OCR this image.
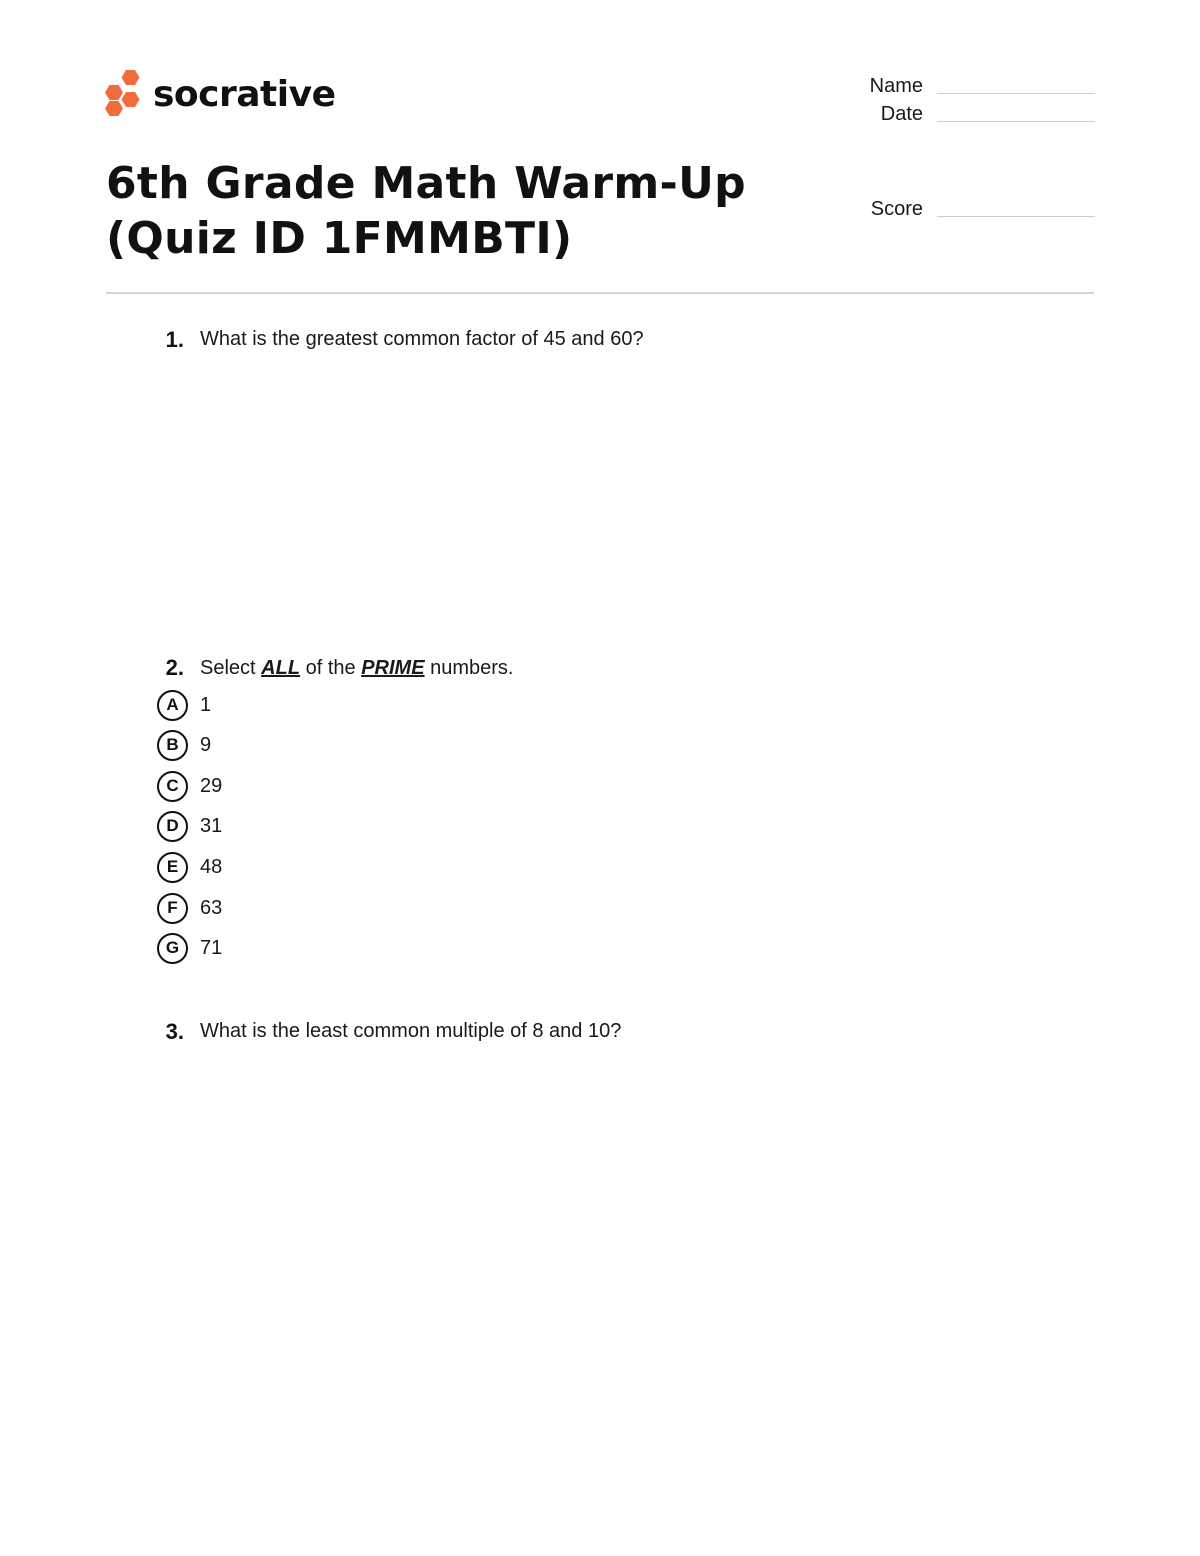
socrative
6th Grade Math Warm-Up (Quiz ID 1FMMBTI)
Name
Date
Score
1. What is the greatest common factor of 45 and 60?
2. Select ALL of the PRIME numbers.
A	1
B	9
C	29
D	31
E	48
F	63
G	71
3. What is the least common multiple of 8 and 10?
